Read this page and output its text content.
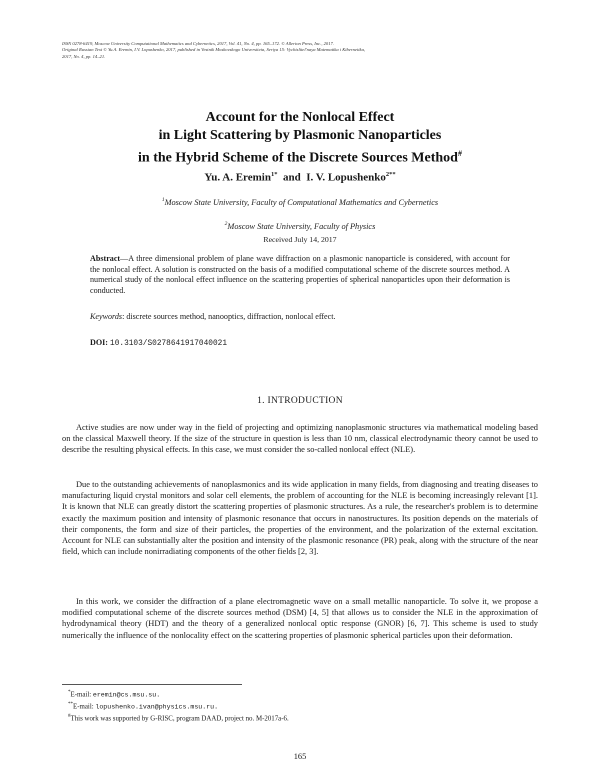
ISSN 0278-6419, Moscow University Computational Mathematics and Cybernetics, 2017, Vol. 41, No. 4, pp. 165–172. © Allerton Press, Inc., 2017.
Original Russian Text © Yu.A. Eremin, I.V. Lopushenko, 2017, published in Vestnik Moskovskogo Universiteta, Seriya 15: Vychislitel'naya Matematika i Kibernetika,
2017, No. 4, pp. 14–21.
Account for the Nonlocal Effect
in Light Scattering by Plasmonic Nanoparticles
in the Hybrid Scheme of the Discrete Sources Method#
Yu. A. Eremin$^{1*}$ and I. V. Lopushenko$^{2**}$
$^1$Moscow State University, Faculty of Computational Mathematics and Cybernetics
$^2$Moscow State University, Faculty of Physics
Received July 14, 2017
Abstract—A three dimensional problem of plane wave diffraction on a plasmonic nanoparticle is considered, with account for the nonlocal effect. A solution is constructed on the basis of a modified computational scheme of the discrete sources method. A numerical study of the nonlocal effect influence on the scattering properties of spherical nanoparticles upon their deformation is conducted.
Keywords: discrete sources method, nanooptics, diffraction, nonlocal effect.
DOI: 10.3103/S0278641917040021
1. INTRODUCTION
Active studies are now under way in the field of projecting and optimizing nanoplasmonic structures via mathematical modeling based on the classical Maxwell theory. If the size of the structure in question is less than 10 nm, classical electrodynamic theory cannot be used to describe the resulting physical effects. In this case, we must consider the so-called nonlocal effect (NLE).
Due to the outstanding achievements of nanoplasmonics and its wide application in many fields, from diagnosing and treating diseases to manufacturing liquid crystal monitors and solar cell elements, the problem of accounting for the NLE is becoming increasingly relevant [1]. It is known that NLE can greatly distort the scattering properties of plasmonic structures. As a rule, the researcher's problem is to determine exactly the maximum position and intensity of plasmonic resonance that occurs in nanostructures. Its position depends on the materials of their components, the form and size of their particles, the properties of the environment, and the polarization of the external excitation. Account for NLE can substantially alter the position and intensity of the plasmonic resonance (PR) peak, along with the structure of the near field, which can include nonirradiating components of the other fields [2, 3].
In this work, we consider the diffraction of a plane electromagnetic wave on a small metallic nanoparticle. To solve it, we propose a modified computational scheme of the discrete sources method (DSM) [4, 5] that allows us to consider the NLE in the approximation of hydrodynamical theory (HDT) and the theory of a generalized nonlocal optic response (GNOR) [6, 7]. This scheme is used to study numerically the influence of the nonlocality effect on the scattering properties of plasmonic spherical particles upon their deformation.
*E-mail: eremin@cs.msu.su.
**E-mail: lopushenko.ivan@physics.msu.ru.
#This work was supported by G-RISC, program DAAD, project no. M-2017a-6.
165
